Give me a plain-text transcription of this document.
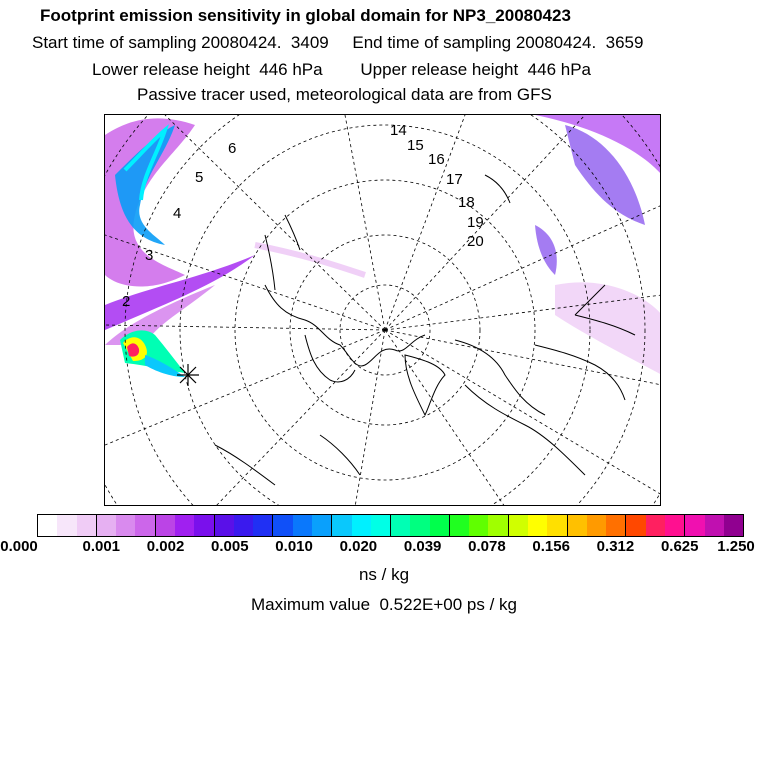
Footprint emission sensitivity in global domain for NP3_20080423
Start time of sampling 20080424.  3409     End time of sampling 20080424.  3659
Lower release height  446 hPa        Upper release height  446 hPa
Passive tracer used, meteorological data are from GFS
2
3
4
5
6
14
15
16
17
18
19
20
0.000	0.001 0.002 0.005 0.010 0.020 0.039 0.078 0.156 0.312 0.625 1.250
ns / kg
Maximum value  0.522E+00 ps / kg
